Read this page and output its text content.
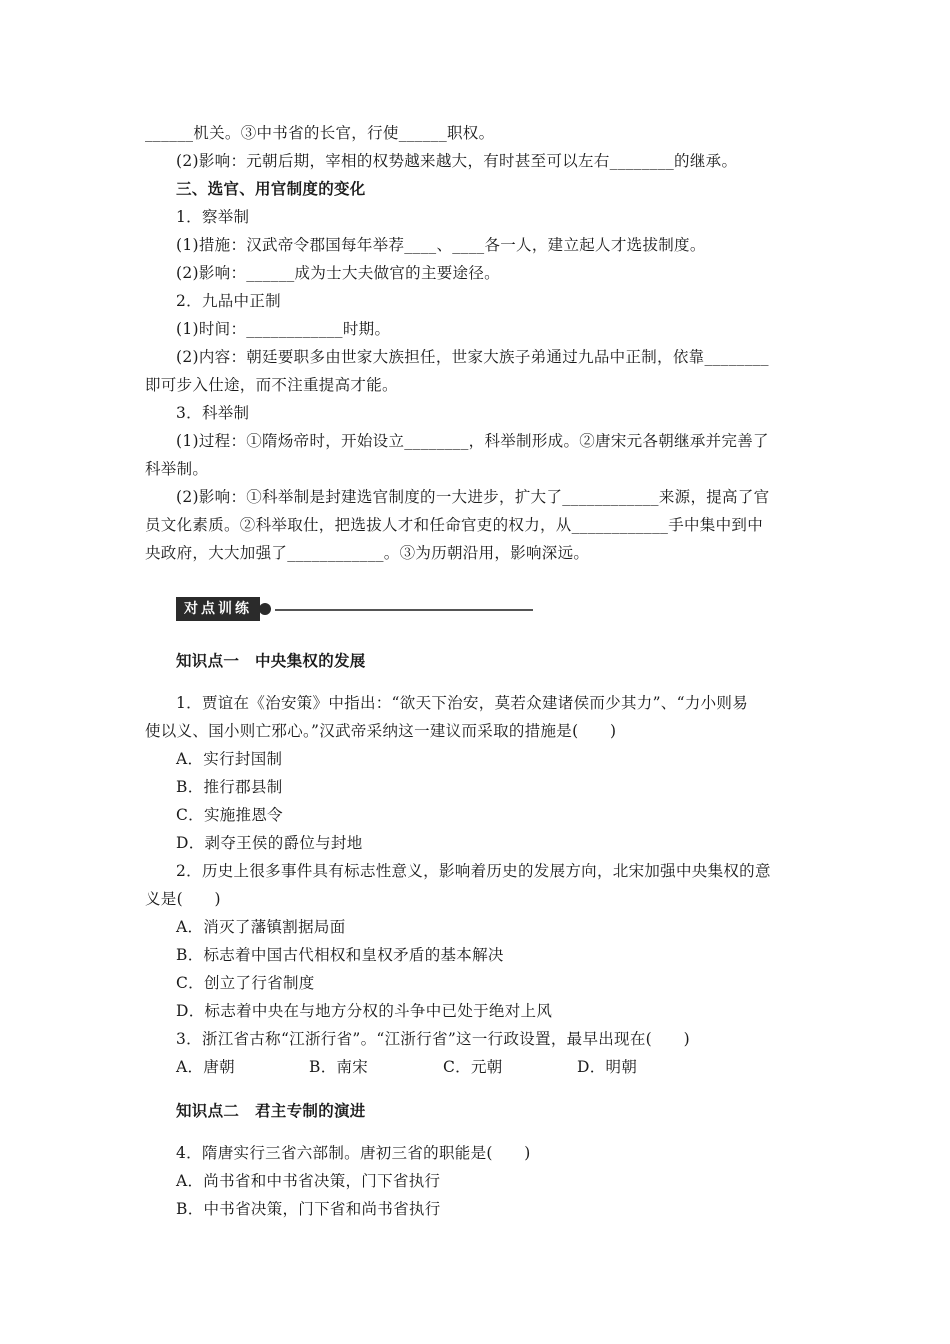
______机关。③中书省的长官，行使______职权。
(2)影响：元朝后期，宰相的权势越来越大，有时甚至可以左右________的继承。
三、选官、用官制度的变化
1．察举制
(1)措施：汉武帝令郡国每年举荐____、____各一人，建立起人才选拔制度。
(2)影响：______成为士大夫做官的主要途径。
2．九品中正制
(1)时间：____________时期。
(2)内容：朝廷要职多由世家大族担任，世家大族子弟通过九品中正制，依靠________
即可步入仕途，而不注重提高才能。
3．科举制
(1)过程：①隋炀帝时，开始设立________，科举制形成。②唐宋元各朝继承并完善了
科举制。
(2)影响：①科举制是封建选官制度的一大进步，扩大了____________来源，提高了官
员文化素质。②科举取仕，把选拔人才和任命官吏的权力，从____________手中集中到中
央政府，大大加强了____________。③为历朝沿用，影响深远。
对点训练
知识点一　中央集权的发展
1．贾谊在《治安策》中指出：“欲天下治安，莫若众建诸侯而少其力”、“力小则易
使以义、国小则亡邪心。”汉武帝采纳这一建议而采取的措施是(　　)
A．实行封国制
B．推行郡县制
C．实施推恩令
D．剥夺王侯的爵位与封地
2．历史上很多事件具有标志性意义，影响着历史的发展方向，北宋加强中央集权的意
义是(　　)
A．消灭了藩镇割据局面
B．标志着中国古代相权和皇权矛盾的基本解决
C．创立了行省制度
D．标志着中央在与地方分权的斗争中已处于绝对上风
3．浙江省古称“江浙行省”。“江浙行省”这一行政设置，最早出现在(　　)
A．唐朝	B．南宋	C．元朝	D．明朝
知识点二　君主专制的演进
4．隋唐实行三省六部制。唐初三省的职能是(　　)
A．尚书省和中书省决策，门下省执行
B．中书省决策，门下省和尚书省执行
